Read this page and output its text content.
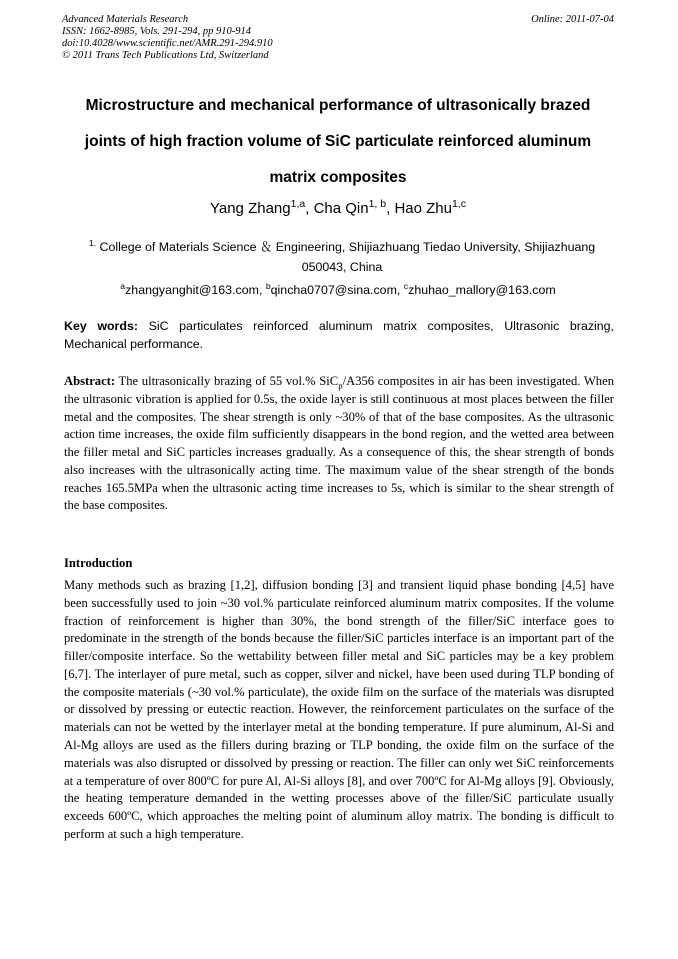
Advanced Materials Research
ISSN: 1662-8985, Vols. 291-294, pp 910-914
doi:10.4028/www.scientific.net/AMR.291-294.910
© 2011 Trans Tech Publications Ltd, Switzerland
Online: 2011-07-04
Microstructure and mechanical performance of ultrasonically brazed
joints of high fraction volume of SiC particulate reinforced aluminum
matrix composites
Yang Zhang$^{1,a}$, Cha Qin$^{1, b}$, Hao Zhu$^{1,c}$
$^{1.}$ College of Materials Science ＆ Engineering, Shijiazhuang Tiedao University, Shijiazhuang
050043, China
$^a$zhangyanghit@163.com, $^b$qincha0707@sina.com, $^c$zhuhao_mallory@163.com
Key words: SiC particulates reinforced aluminum matrix composites, Ultrasonic brazing, Mechanical performance.
Abstract: The ultrasonically brazing of 55 vol.% SiC$_p$/A356 composites in air has been investigated. When the ultrasonic vibration is applied for 0.5s, the oxide layer is still continuous at most places between the filler metal and the composites. The shear strength is only ~30% of that of the base composites. As the ultrasonic action time increases, the oxide film sufficiently disappears in the bond region, and the wetted area between the filler metal and SiC particles increases gradually. As a consequence of this, the shear strength of bonds also increases with the ultrasonically acting time. The maximum value of the shear strength of the bonds reaches 165.5MPa when the ultrasonic acting time increases to 5s, which is similar to the shear strength of the base composites.
Introduction
Many methods such as brazing [1,2], diffusion bonding [3] and transient liquid phase bonding [4,5] have been successfully used to join ~30 vol.% particulate reinforced aluminum matrix composites. If the volume fraction of reinforcement is higher than 30%, the bond strength of the filler/SiC interface goes to predominate in the strength of the bonds because the filler/SiC particles interface is an important part of the filler/composite interface. So the wettability between filler metal and SiC particles may be a key problem [6,7]. The interlayer of pure metal, such as copper, silver and nickel, have been used during TLP bonding of the composite materials (~30 vol.% particulate), the oxide film on the surface of the materials was disrupted or dissolved by pressing or eutectic reaction. However, the reinforcement particulates on the surface of the materials can not be wetted by the interlayer metal at the bonding temperature. If pure aluminum, Al-Si and Al-Mg alloys are used as the fillers during brazing or TLP bonding, the oxide film on the surface of the materials was also disrupted or dissolved by pressing or reaction. The filler can only wet SiC reinforcements at a temperature of over 800ºC for pure Al, Al-Si alloys [8], and over 700ºC for Al-Mg alloys [9]. Obviously, the heating temperature demanded in the wetting processes above of the filler/SiC particulate usually exceeds 600ºC, which approaches the melting point of aluminum alloy matrix. The bonding is difficult to perform at such a high temperature.
